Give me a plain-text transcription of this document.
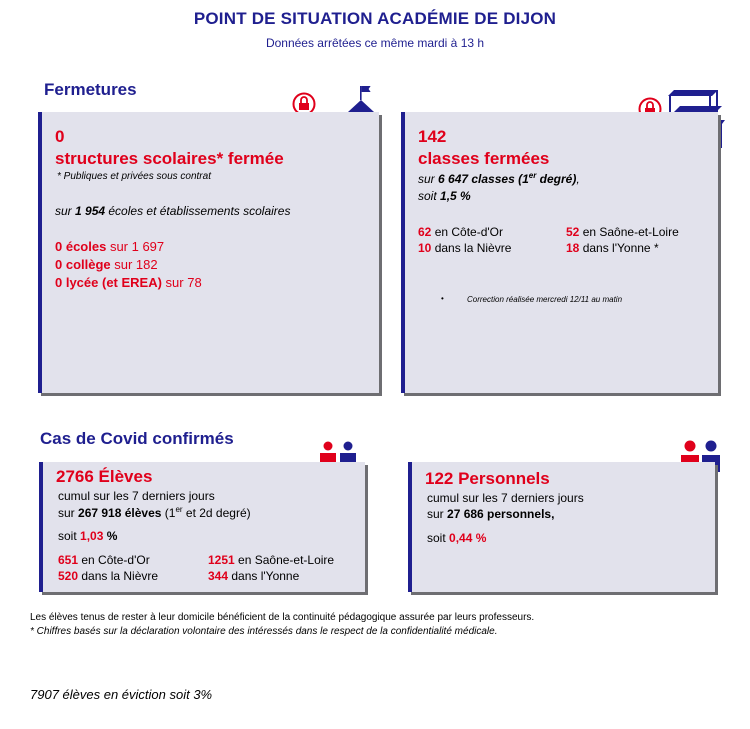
POINT DE SITUATION ACADÉMIE DE DIJON
Données arrêtées ce même mardi à 13 h
Fermetures
0
structures scolaires* fermée
* Publiques et privées sous contrat
sur 1 954 écoles et établissements scolaires
0 écoles sur 1 697
0 collège sur 182
0 lycée (et EREA) sur 78
142
classes fermées
sur 6 647 classes (1er degré),
soit 1,5 %
62 en Côte-d'Or	52 en Saône-et-Loire
10 dans la Nièvre	18 dans l'Yonne *
•	Correction réalisée mercredi 12/11 au matin
Cas de Covid confirmés
2766 Élèves
cumul sur les 7 derniers jours
sur 267 918 élèves (1er et 2d degré)
soit 1,03 %
651 en Côte-d'Or	1251 en Saône-et-Loire
520 dans la Nièvre	344 dans l'Yonne
122 Personnels
cumul sur les 7 derniers jours
sur 27 686 personnels,
soit 0,44 %
Les élèves tenus de rester à leur domicile bénéficient de la continuité pédagogique assurée par leurs professeurs.
* Chiffres basés sur la déclaration volontaire des intéressés dans le respect de la confidentialité médicale.
7907 élèves en éviction soit 3%
